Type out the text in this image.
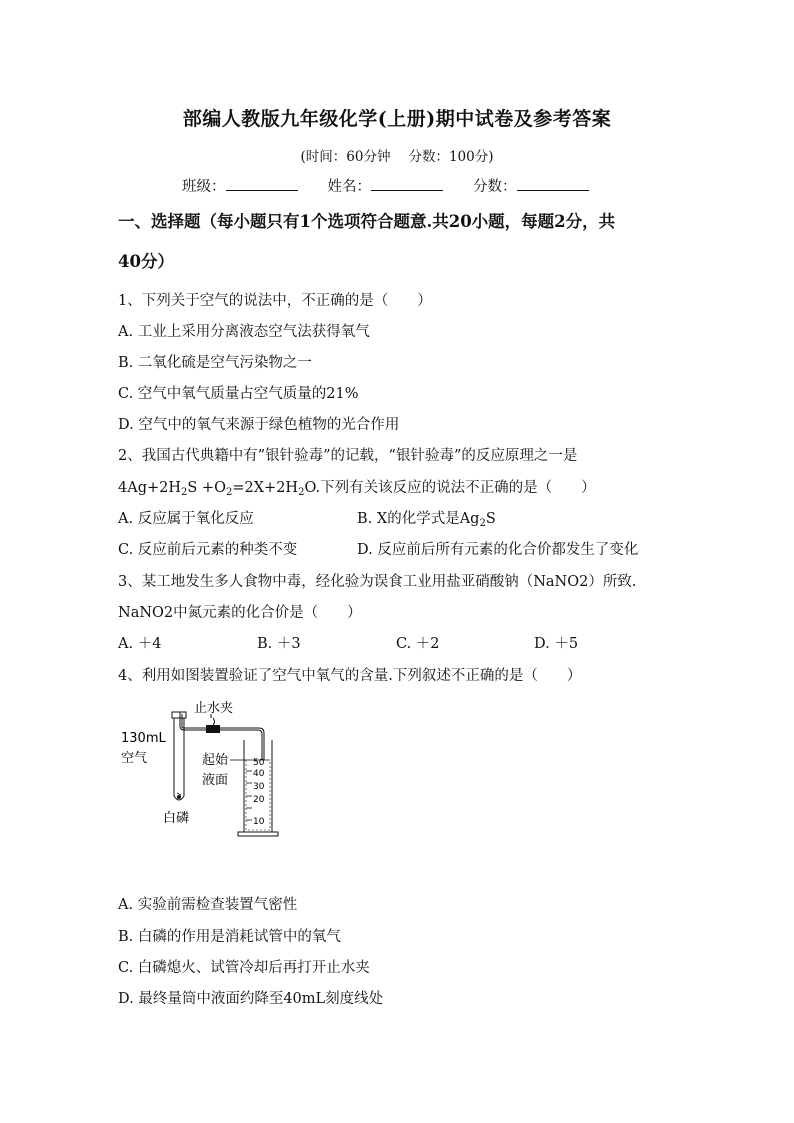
部编人教版九年级化学(上册)期中试卷及参考答案
(时间：60分钟 分数：100分)
班级：	姓名：	分数：
一、选择题（每小题只有1个选项符合题意.共20小题，每题2分，共
40分）
1、下列关于空气的说法中，不正确的是（　　）
A. 工业上采用分离液态空气法获得氧气
B. 二氧化硫是空气污染物之一
C. 空气中氧气质量占空气质量的21%
D. 空气中的氧气来源于绿色植物的光合作用
2、我国古代典籍中有”银针验毒”的记载，“银针验毒”的反应原理之一是
$4Ag+2H_2S +O_2=2X+2H_2O$.下列有关该反应的说法不正确的是（　　）
A. 反应属于氧化反应	B. X的化学式是$Ag_2S$
C. 反应前后元素的种类不变	D. 反应前后所有元素的化合价都发生了变化
3、某工地发生多人食物中毒，经化验为误食工业用盐亚硝酸钠（NaNO2）所致.
NaNO2中氮元素的化合价是（　　）
A. ＋4	B. ＋3	C. ＋2	D. ＋5
4、利用如图装置验证了空气中氧气的含量.下列叙述不正确的是（　　）
止水夹
130mL
空气	起始
液面
白磷
50
40
30
20
10
A. 实验前需检查装置气密性
B. 白磷的作用是消耗试管中的氧气
C. 白磷熄火、试管冷却后再打开止水夹
D. 最终量筒中液面约降至40mL刻度线处
